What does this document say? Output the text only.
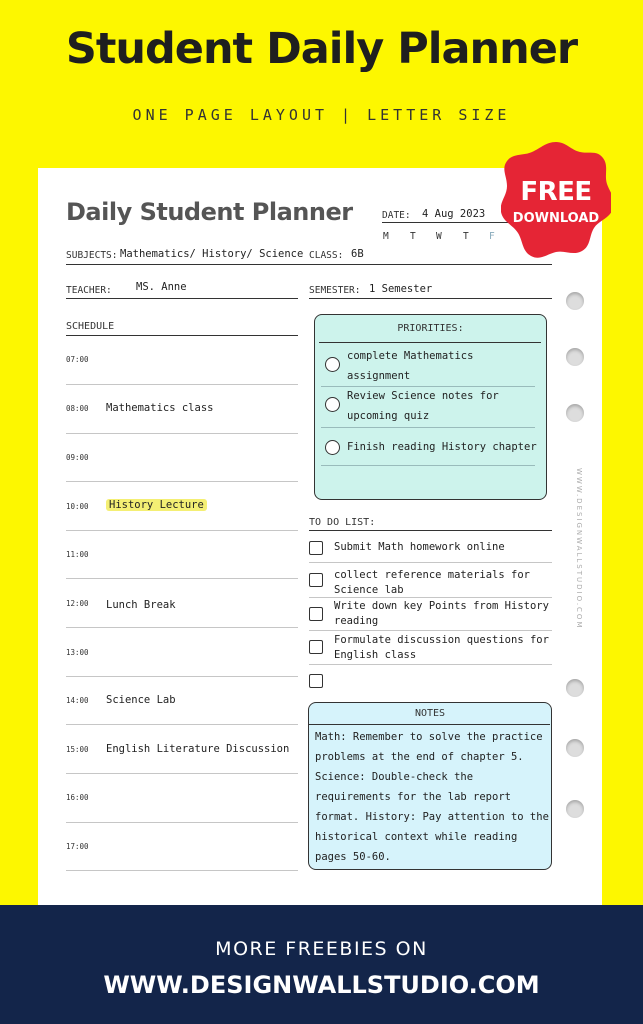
Student Daily Planner
ONE PAGE LAYOUT | LETTER SIZE
Daily Student Planner	DATE: 4 Aug 2023
M T W T F
SUBJECTS: Mathematics/ History/ Science CLASS: 6B
TEACHER: MS. Anne	SEMESTER: 1 Semester
SCHEDULE
07:00
08:00 Mathematics class
09:00
10:00 History Lecture
11:00
12:00 Lunch Break
13:00
14:00 Science Lab
15:00 English Literature Discussion
16:00
17:00
PRIORITIES:
complete Mathematics assignment
Review Science notes for upcoming quiz
Finish reading History chapter
TO DO LIST:
Submit Math homework online
collect reference materials for Science lab
Write down key Points from History reading
Formulate discussion questions for English class
NOTES
Math: Remember to solve the practice problems at the end of chapter 5. Science: Double-check the requirements for the lab report format. History: Pay attention to the historical context while reading pages 50-60.
WWW.DESIGNWALLSTUDIO.COM
FREE
DOWNLOAD
MORE FREEBIES ON
WWW.DESIGNWALLSTUDIO.COM
